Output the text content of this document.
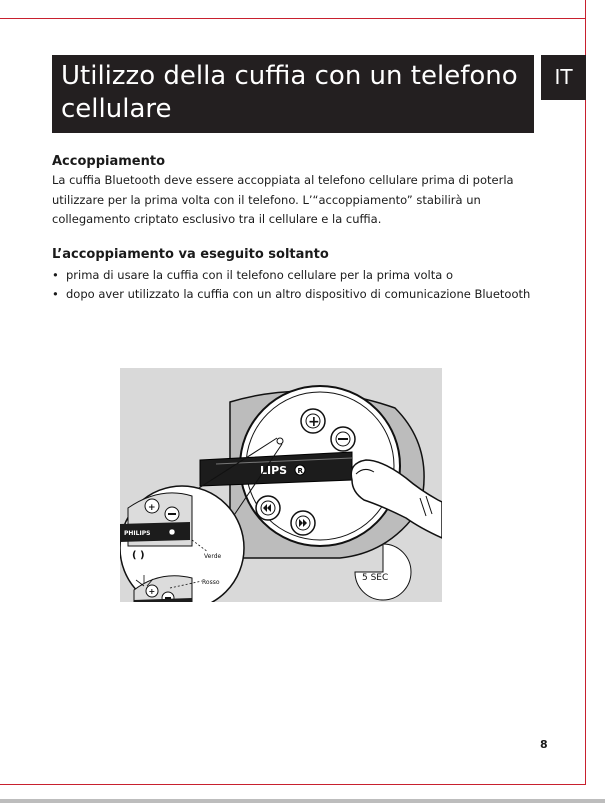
Utilizzo della cuffia con un telefono cellulare
IT
Accoppiamento

La cuffia Bluetooth deve essere accoppiata al telefono cellulare prima di poterla utilizzare per la prima volta con il telefono. L’“accoppiamento” stabilirà un collegamento criptato esclusivo tra il cellulare e la cuffia.

L’accoppiamento va eseguito soltanto
• prima di usare la cuffia con il telefono cellulare per la prima volta o
• dopo aver utilizzato la cuffia con un altro dispositivo di comunicazione Bluetooth
LIPS R
+
5 SEC
+
PHILIPS
( )	Verde
+
Rosso
8
